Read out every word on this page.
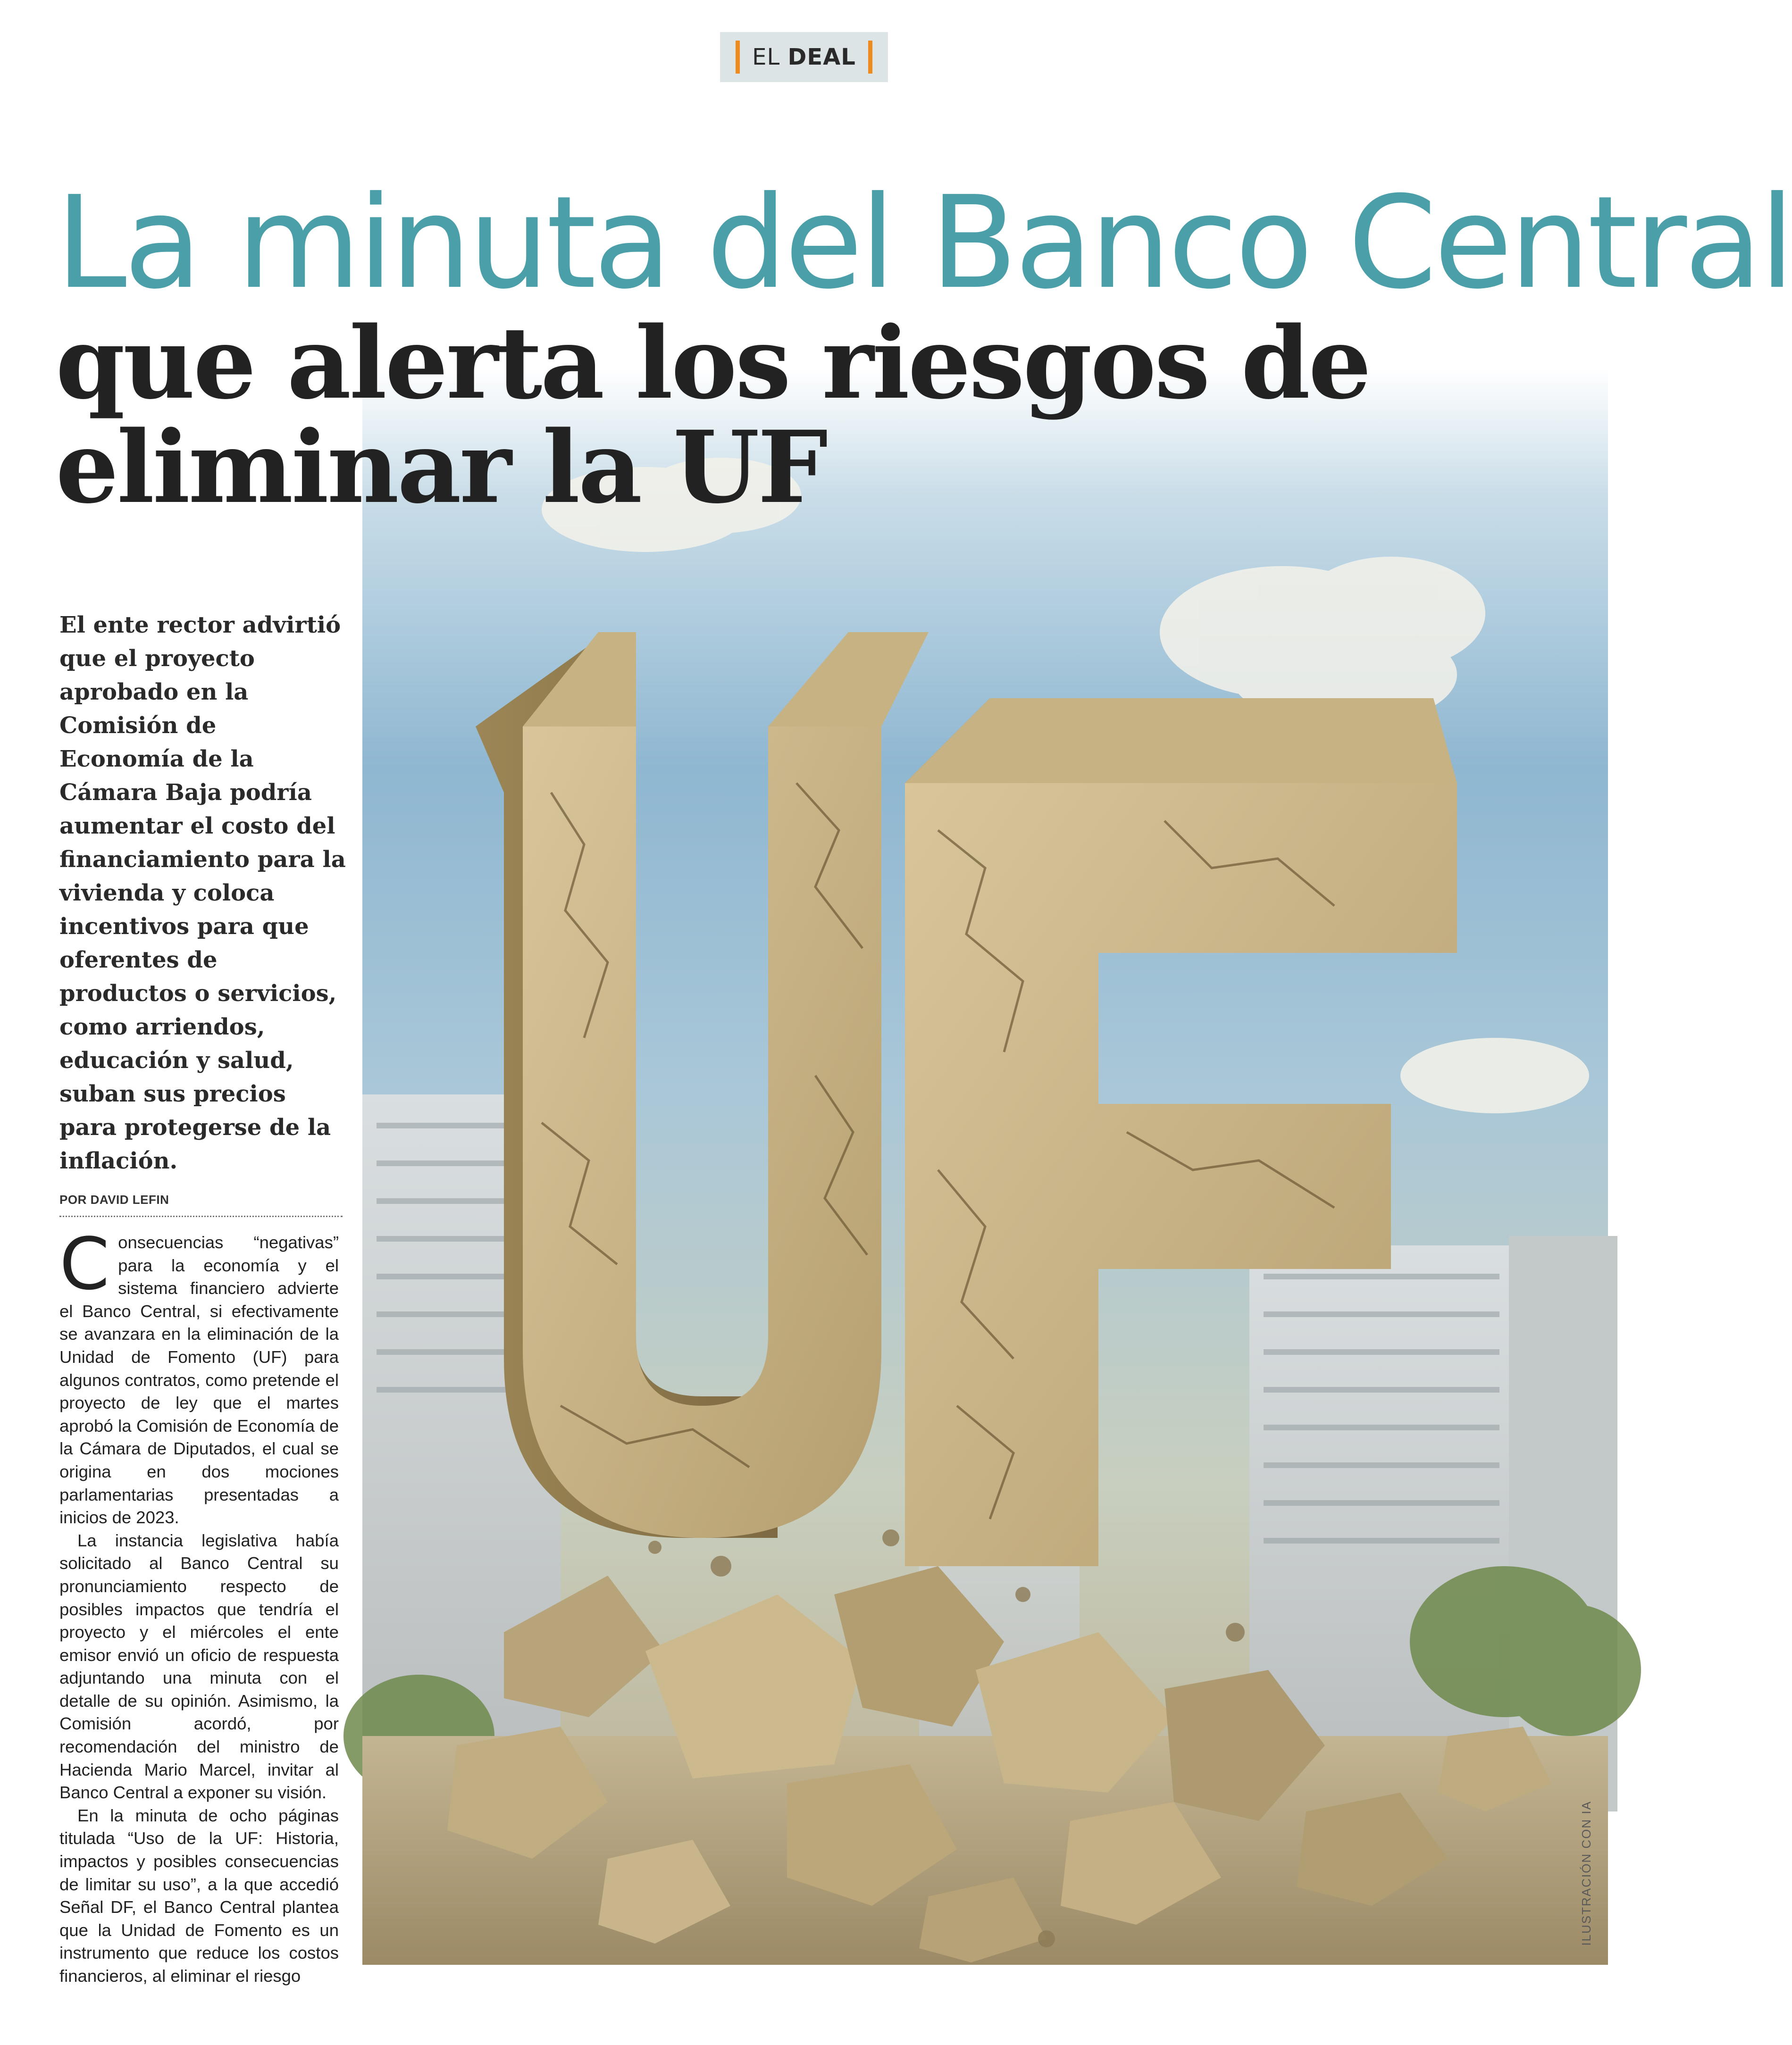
EL DEAL
ILUSTRACIÓN CON IA
La minuta del Banco Central
que alerta los riesgos de eliminar la UF

El ente rector advirtió que el proyecto aprobado en la Comisión de Economía de la Cámara Baja podría aumentar el costo del financiamiento para la vivienda y coloca incentivos para que oferentes de productos o servicios, como arriendos, educación y salud, suban sus precios para protegerse de la inflación.

POR DAVID LEFIN

Consecuencias “negativas” para la economía y el sistema financiero advierte el Banco Central, si efectivamente se avanzara en la eliminación de la Unidad de Fomento (UF) para algunos contratos, como pretende el proyecto de ley que el martes aprobó la Comisión de Economía de la Cámara de Diputados, el cual se origina en dos mociones parlamentarias presentadas a inicios de 2023.

La instancia legislativa había solicitado al Banco Central su pronunciamiento respecto de posibles impactos que tendría el proyecto y el miércoles el ente emisor envió un oficio de respuesta adjuntando una minuta con el detalle de su opinión. Asimismo, la Comisión acordó, por recomendación del ministro de Hacienda Mario Marcel, invitar al Banco Central a exponer su visión.

En la minuta de ocho páginas titulada “Uso de la UF: Historia, impactos y posibles consecuencias de limitar su uso”, a la que accedió Señal DF, el Banco Central plantea que la Unidad de Fomento es un instrumento que reduce los costos financieros, al eliminar el riesgo
